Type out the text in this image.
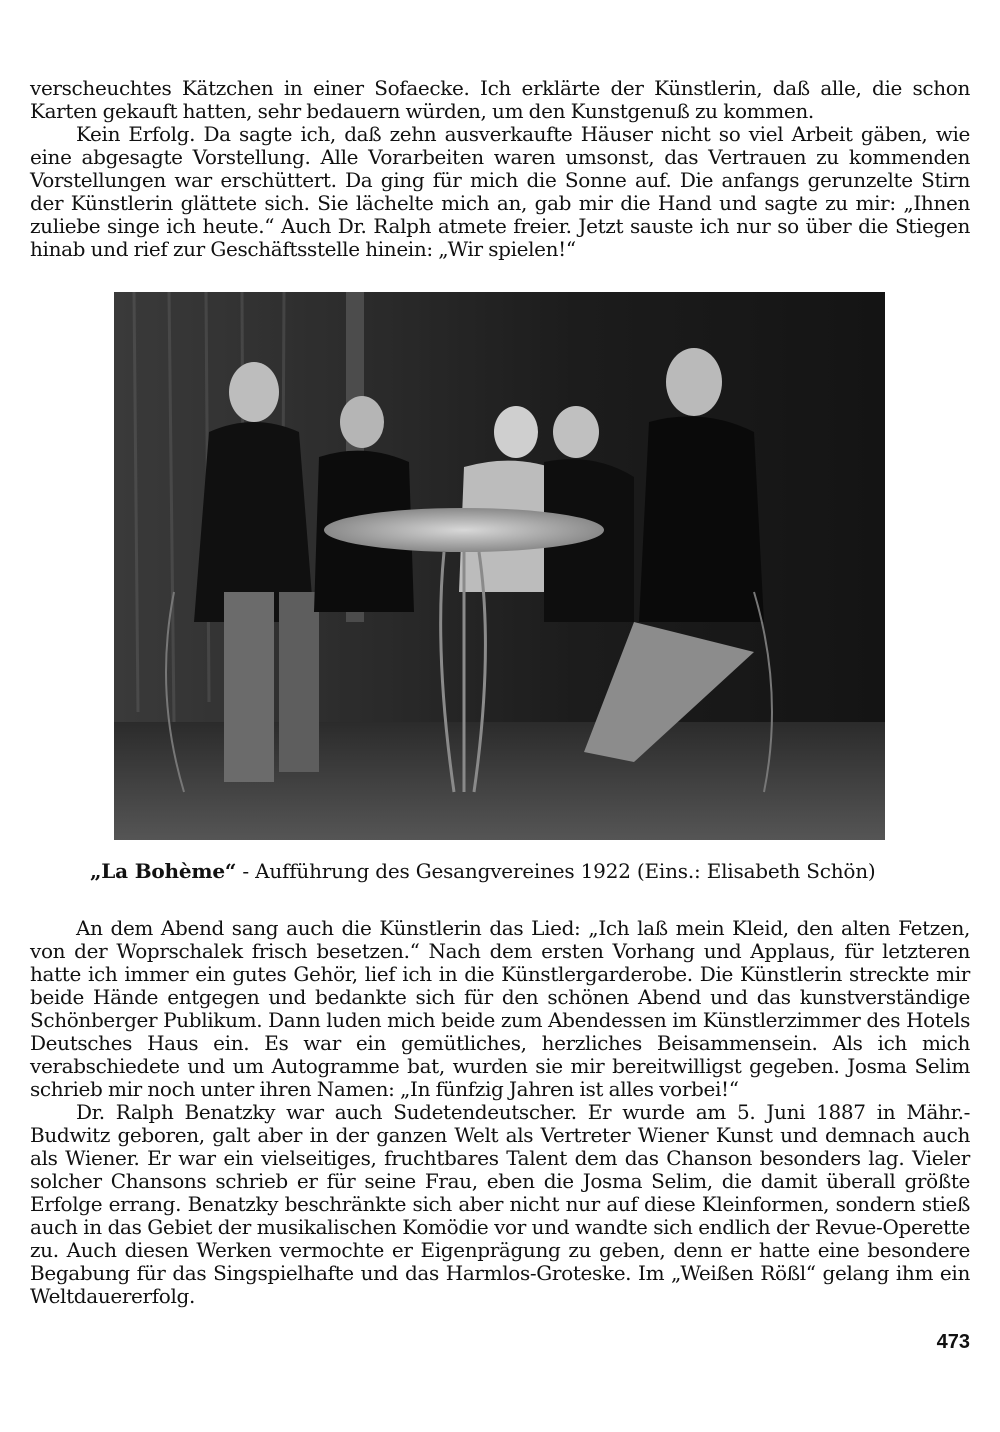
verscheuchtes Kätzchen in einer Sofaecke. Ich erklärte der Künstlerin, daß alle, die schon Karten gekauft hatten, sehr bedauern würden, um den Kunstgenuß zu kommen.

Kein Erfolg. Da sagte ich, daß zehn ausverkaufte Häuser nicht so viel Arbeit gäben, wie eine abgesagte Vorstellung. Alle Vorarbeiten waren umsonst, das Vertrauen zu kommenden Vorstellungen war erschüttert. Da ging für mich die Sonne auf. Die anfangs gerunzelte Stirn der Künstlerin glättete sich. Sie lächelte mich an, gab mir die Hand und sagte zu mir: „Ihnen zuliebe singe ich heute.“ Auch Dr. Ralph atmete freier. Jetzt sauste ich nur so über die Stiegen hinab und rief zur Geschäftsstelle hinein: „Wir spielen!“

„La Bohème“ - Aufführung des Gesangvereines 1922 (Eins.: Elisabeth Schön)

An dem Abend sang auch die Künstlerin das Lied: „Ich laß mein Kleid, den alten Fetzen, von der Woprschalek frisch besetzen.“ Nach dem ersten Vorhang und Applaus, für letzteren hatte ich immer ein gutes Gehör, lief ich in die Künstlergarderobe. Die Künstlerin streckte mir beide Hände entgegen und bedankte sich für den schönen Abend und das kunstverständige Schönberger Publikum. Dann luden mich beide zum Abendessen im Künstlerzimmer des Hotels Deutsches Haus ein. Es war ein gemütliches, herzliches Beisammensein. Als ich mich verabschiedete und um Autogramme bat, wurden sie mir bereitwilligst gegeben. Josma Selim schrieb mir noch unter ihren Namen: „In fünfzig Jahren ist alles vorbei!“

Dr. Ralph Benatzky war auch Sudetendeutscher. Er wurde am 5. Juni 1887 in Mähr.-Budwitz geboren, galt aber in der ganzen Welt als Vertreter Wiener Kunst und demnach auch als Wiener. Er war ein vielseitiges, fruchtbares Talent dem das Chanson besonders lag. Vieler solcher Chansons schrieb er für seine Frau, eben die Josma Selim, die damit überall größte Erfolge errang. Benatzky beschränkte sich aber nicht nur auf diese Kleinformen, sondern stieß auch in das Gebiet der musikalischen Komödie vor und wandte sich endlich der Revue-Operette zu. Auch diesen Werken vermochte er Eigenprägung zu geben, denn er hatte eine besondere Begabung für das Singspielhafte und das Harmlos-Groteske. Im „Weißen Rößl“ gelang ihm ein Weltdauererfolg.

473
